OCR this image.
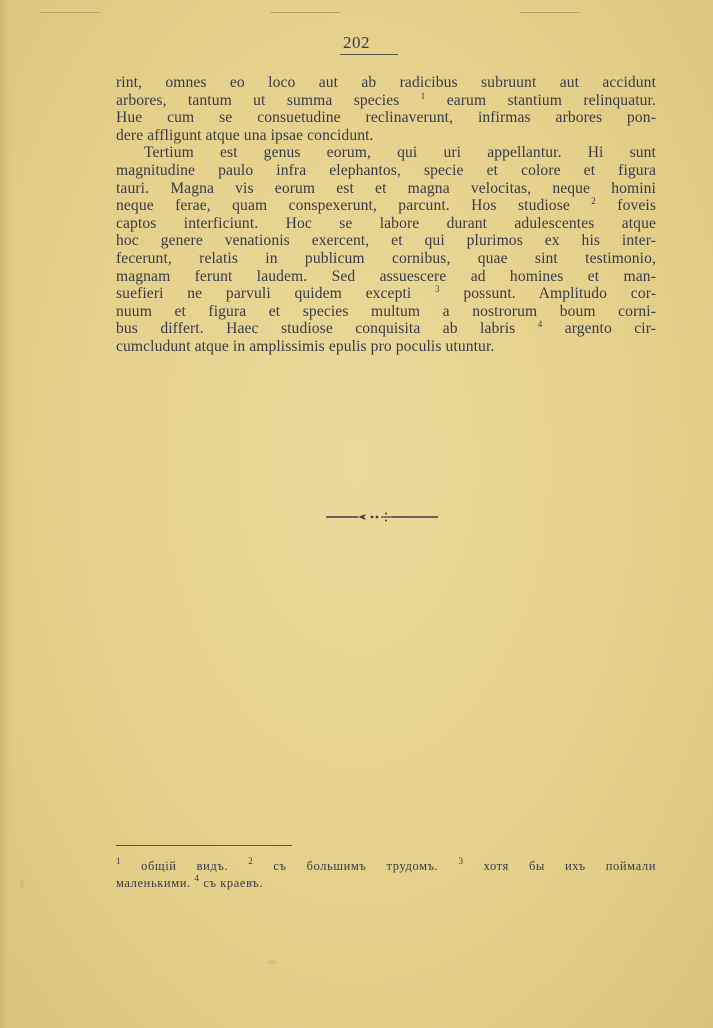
202
rint, omnes eo loco aut ab radicibus subruunt aut accidunt
arbores, tantum ut summa species $^1$ earum stantium relinquatur.
Hue cum se consuetudine reclinaverunt, infirmas arbores pon-
dere affligunt atque una ipsae concidunt.
Tertium est genus eorum, qui uri appellantur. Hi sunt
magnitudine paulo infra elephantos, specie et colore et figura
tauri. Magna vis eorum est et magna velocitas, neque homini
neque ferae, quam conspexerunt, parcunt. Hos studiose $^2$ foveis
captos interficiunt. Hoc se labore durant adulescentes atque
hoc genere venationis exercent, et qui plurimos ex his inter-
fecerunt, relatis in publicum cornibus, quae sint testimonio,
magnam ferunt laudem. Sed assuescere ad homines et man-
suefieri ne parvuli quidem excepti $^3$ possunt. Amplitudo cor-
nuum et figura et species multum a nostrorum boum corni-
bus differt. Haec studiose conquisita ab labris $^4$ argento cir-
cumcludunt atque in amplissimis epulis pro poculis utuntur.
$^1$ общій видъ. $^2$ съ большимъ трудомъ. $^3$ хотя бы ихъ поймали
маленькими. $^4$ съ краевъ.
